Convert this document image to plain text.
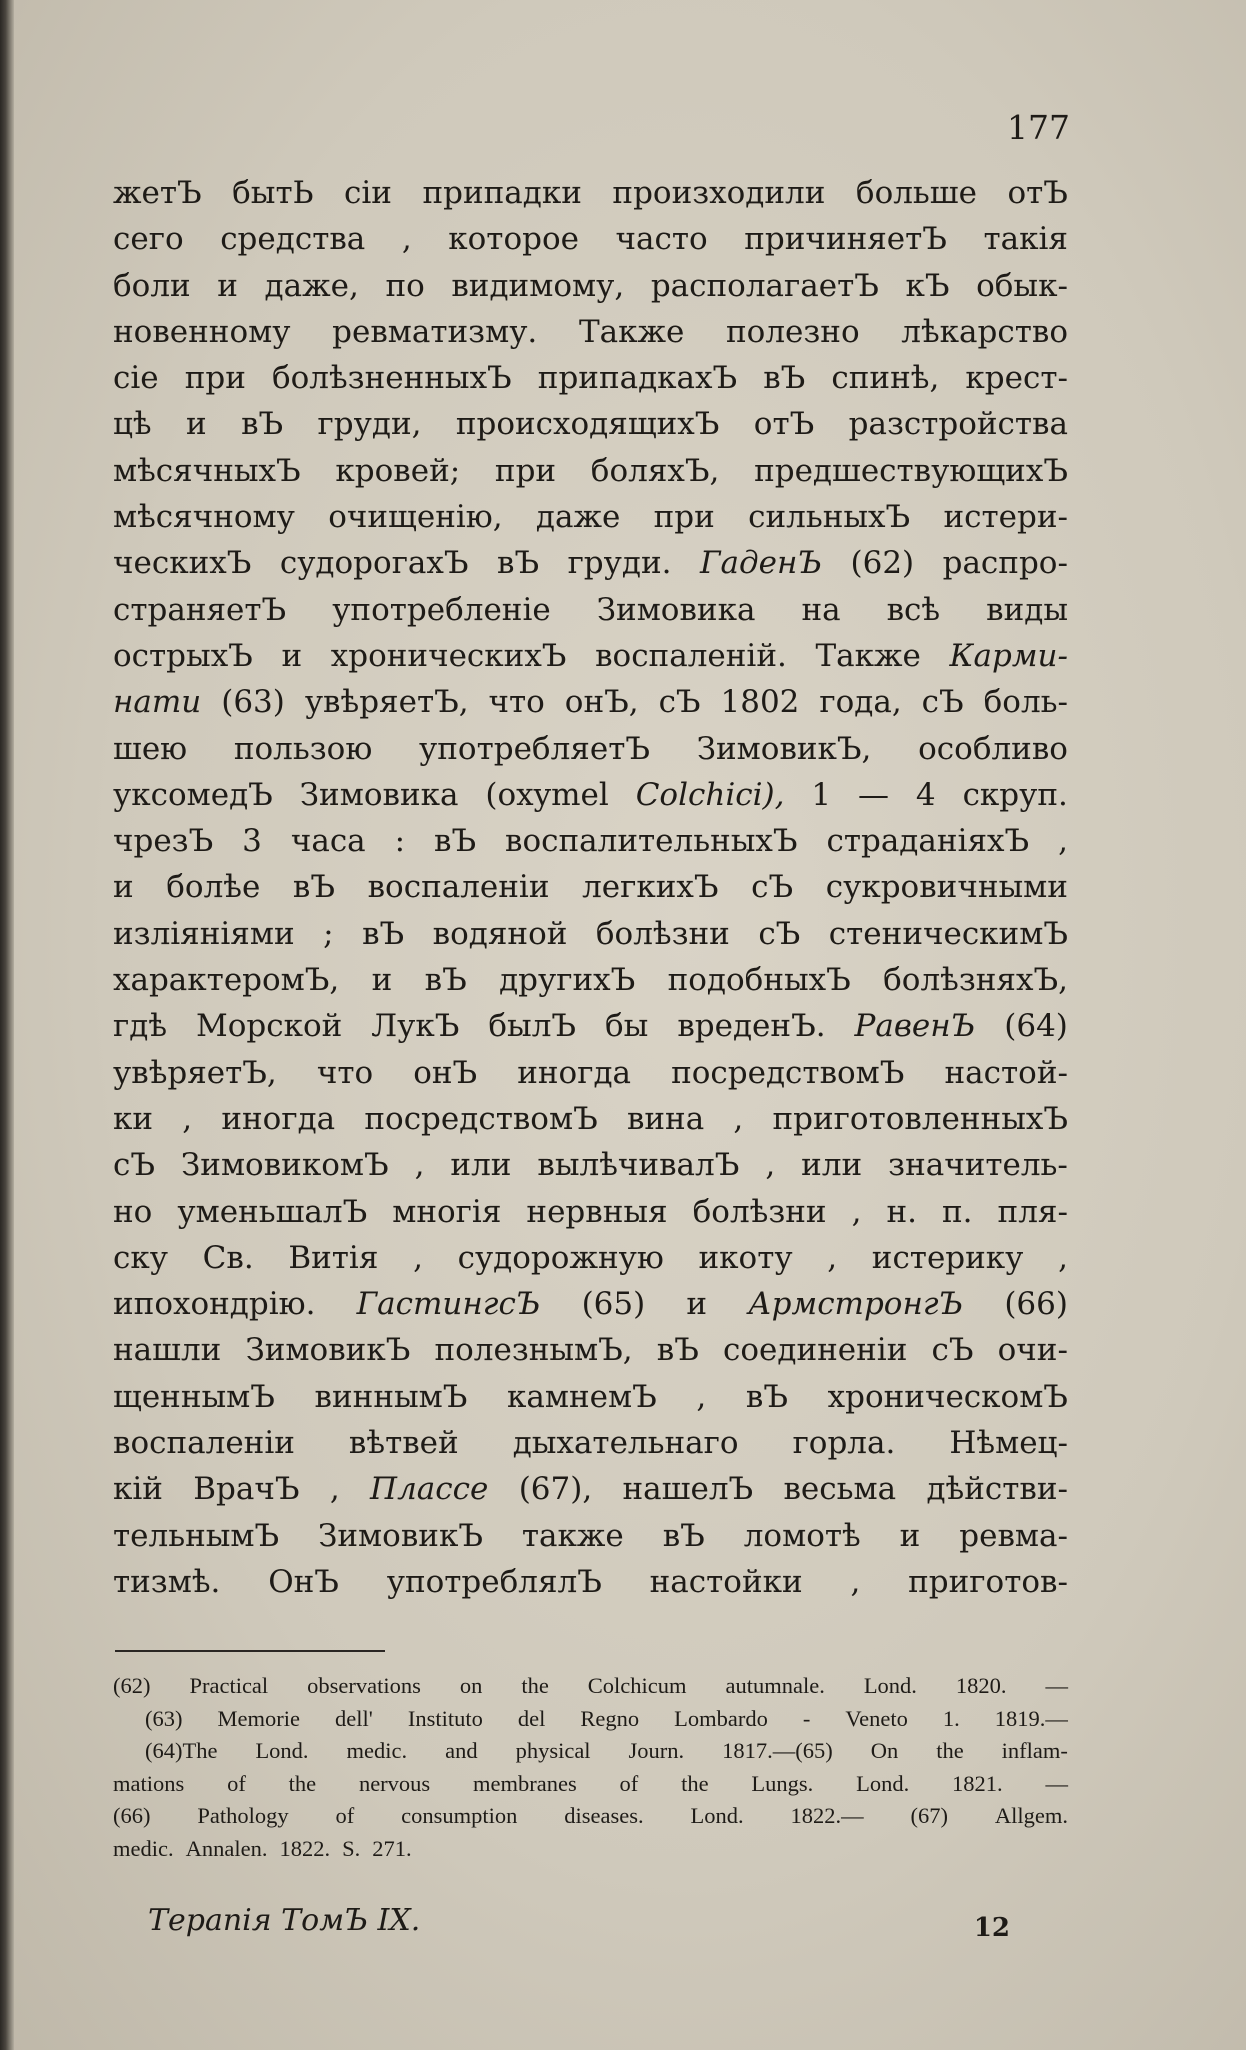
177
жетЪ бытЬ сіи припадки произходили больше отЪ
сего средства , которое часто причиняетЪ такія
боли и даже, по видимому, располагаетЪ кЪ обык-
новенному ревматизму. Также полезно лѣкарство
сіе при болѣзненныхЪ припадкахЪ вЪ спинѣ, крест-
цѣ и вЪ груди, происходящихЪ отЪ разстройства
мѣсячныхЪ кровей; при боляхЪ, предшествующихЪ
мѣсячному очищенію, даже при сильныхЪ истери-
ческихЪ судорогахЪ вЪ груди. ГаденЪ (62) распро-
страняетЪ употребленіе Зимовика на всѣ виды
острыхЪ и хроническихЪ воспаленій. Также Карми-
нати (63) увѣряетЪ, что онЪ, сЪ 1802 года, сЪ боль-
шею пользою употребляетЪ ЗимовикЪ, особливо
уксомедЪ Зимовика (oxymel Colchici), 1 — 4 скруп.
чрезЪ 3 часа : вЪ воспалительныхЪ страданіяхЪ ,
и болѣе вЪ воспаленіи легкихЪ сЪ сукровичными
изліяніями ; вЪ водяной болѣзни сЪ стеническимЪ
характеромЪ, и вЪ другихЪ подобныхЪ болѣзняхЪ,
гдѣ Морской ЛукЪ былЪ бы вреденЪ. РавенЪ (64)
увѣряетЪ, что онЪ иногда посредствомЪ настой-
ки , иногда посредствомЪ вина , приготовленныхЪ
сЪ ЗимовикомЪ , или вылѣчивалЪ , или значитель-
но уменьшалЪ многія нервныя болѣзни , н. п. пля-
ску Св. Витія , судорожную икоту , истерику ,
ипохондрію. ГастингсЪ (65) и АрмстронгЪ (66)
нашли ЗимовикЪ полезнымЪ, вЪ соединеніи сЪ очи-
щеннымЪ виннымЪ камнемЪ , вЪ хроническомЪ
воспаленіи вѣтвей дыхательнаго горла. Нѣмец-
кій ВрачЪ , Плассе (67), нашелЪ весьма дѣйстви-
тельнымЪ ЗимовикЪ также вЪ ломотѣ и ревма-
тизмѣ. ОнЪ употреблялЪ настойки , приготов-
(62) Practical observations on the Colchicum autumnale. Lond. 1820. —
(63) Memorie dell' Instituto del Regno Lombardo - Veneto 1. 1819.—
(64)The Lond. medic. and physical Journ. 1817.—(65) On the inflam-
mations of the nervous membranes of the Lungs. Lond. 1821. —
(66) Pathology of consumption diseases. Lond. 1822.— (67) Allgem.
medic. Annalen. 1822. S. 271.
Терапія ТомЪ IX.	12
